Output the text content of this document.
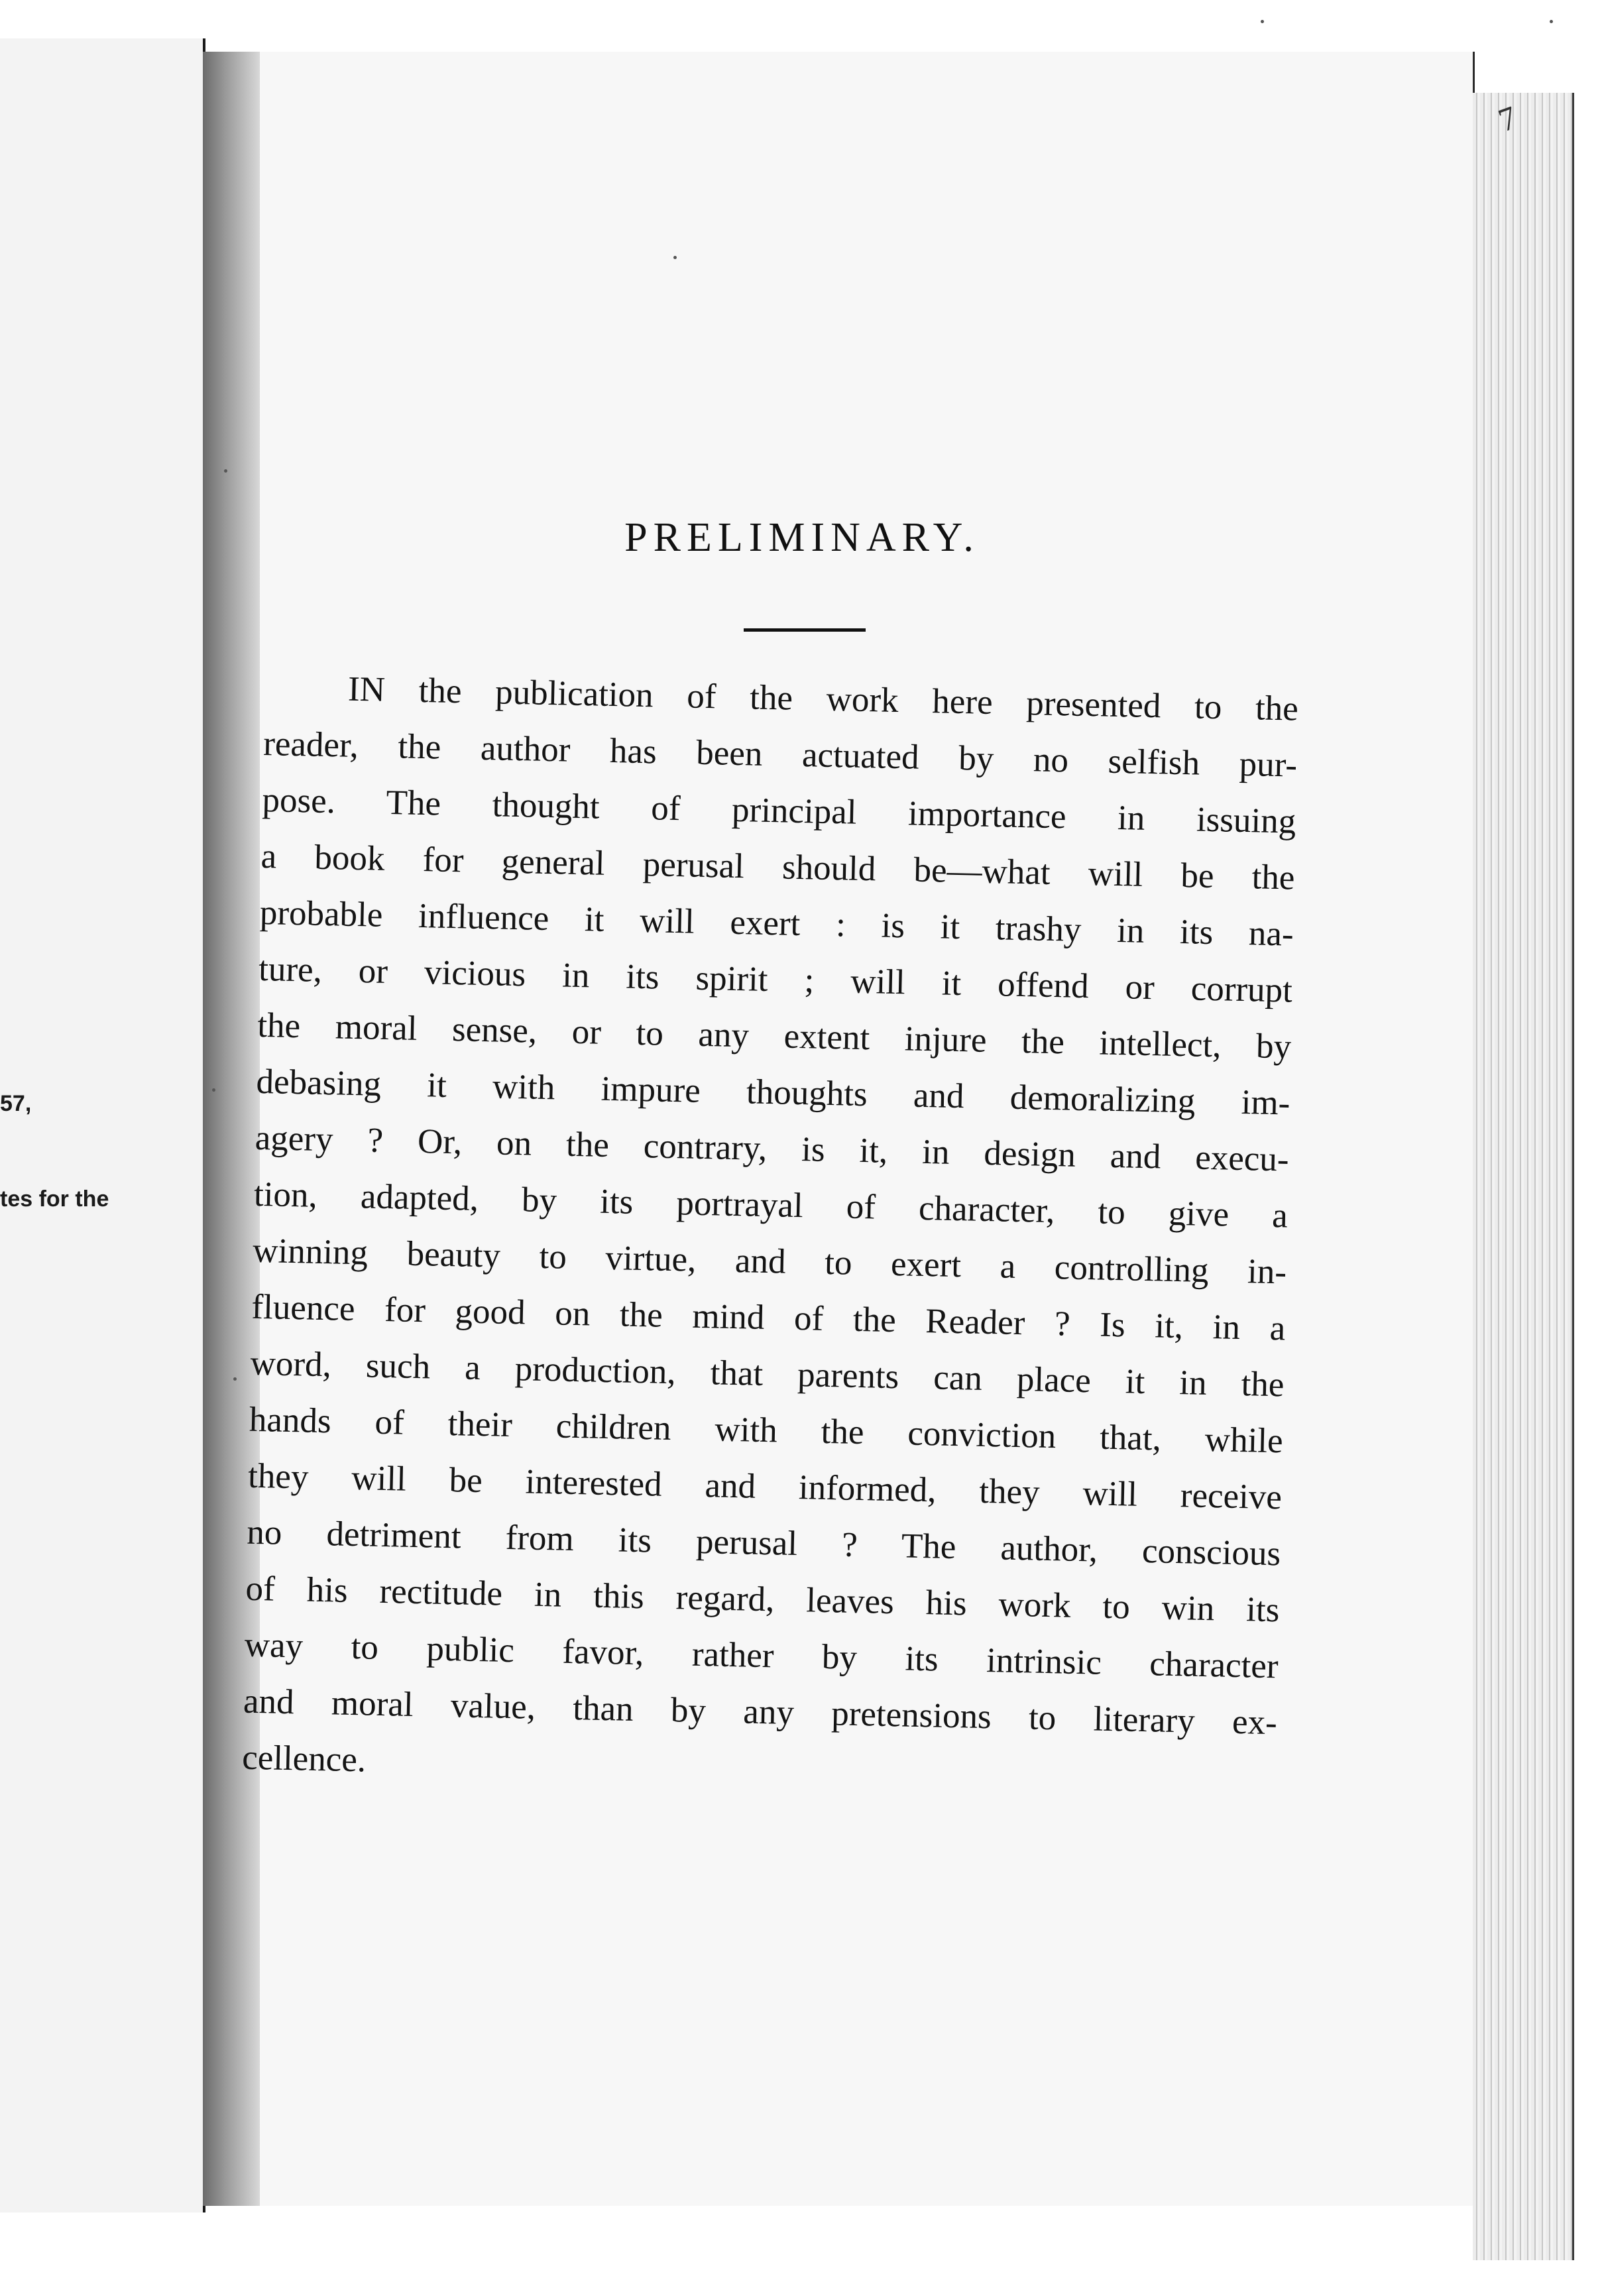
57,
tes for the
7
PRELIMINARY.
IN the publication of the work here presented to the
reader, the author has been actuated by no selfish pur-
pose. The thought of principal importance in issuing
a book for general perusal should be—what will be the
probable influence it will exert : is it trashy in its na-
ture, or vicious in its spirit ; will it offend or corrupt
the moral sense, or to any extent injure the intellect, by
debasing it with impure thoughts and demoralizing im-
agery ? Or, on the contrary, is it, in design and execu-
tion, adapted, by its portrayal of character, to give a
winning beauty to virtue, and to exert a controlling in-
fluence for good on the mind of the Reader ? Is it, in a
word, such a production, that parents can place it in the
hands of their children with the conviction that, while
they will be interested and informed, they will receive
no detriment from its perusal ? The author, conscious
of his rectitude in this regard, leaves his work to win its
way to public favor, rather by its intrinsic character
and moral value, than by any pretensions to literary ex-
cellence.
